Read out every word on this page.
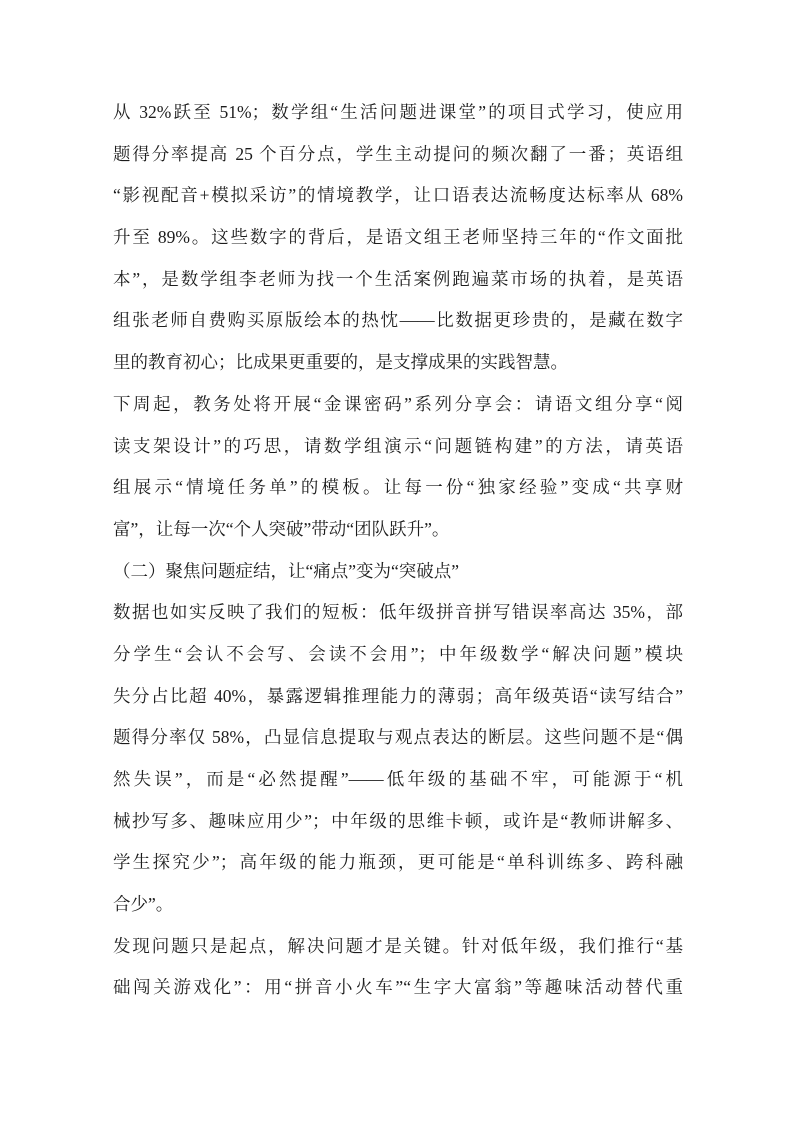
从 32%跃至 51%；数学组“生活问题进课堂”的项目式学习，使应用
题得分率提高 25 个百分点，学生主动提问的频次翻了一番；英语组
“影视配音+模拟采访”的情境教学，让口语表达流畅度达标率从 68%
升至 89%。这些数字的背后，是语文组王老师坚持三年的“作文面批
本”，是数学组李老师为找一个生活案例跑遍菜市场的执着，是英语
组张老师自费购买原版绘本的热忱——比数据更珍贵的，是藏在数字
里的教育初心；比成果更重要的，是支撑成果的实践智慧。
下周起，教务处将开展“金课密码”系列分享会：请语文组分享“阅
读支架设计”的巧思，请数学组演示“问题链构建”的方法，请英语
组展示“情境任务单”的模板。让每一份“独家经验”变成“共享财
富”，让每一次“个人突破”带动“团队跃升”。
（二）聚焦问题症结，让“痛点”变为“突破点”
数据也如实反映了我们的短板：低年级拼音拼写错误率高达 35%，部
分学生“会认不会写、会读不会用”；中年级数学“解决问题”模块
失分占比超 40%，暴露逻辑推理能力的薄弱；高年级英语“读写结合”
题得分率仅 58%，凸显信息提取与观点表达的断层。这些问题不是“偶
然失误”，而是“必然提醒”——低年级的基础不牢，可能源于“机
械抄写多、趣味应用少”；中年级的思维卡顿，或许是“教师讲解多、
学生探究少”；高年级的能力瓶颈，更可能是“单科训练多、跨科融
合少”。
发现问题只是起点，解决问题才是关键。针对低年级，我们推行“基
础闯关游戏化”：用“拼音小火车”“生字大富翁”等趣味活动替代重
